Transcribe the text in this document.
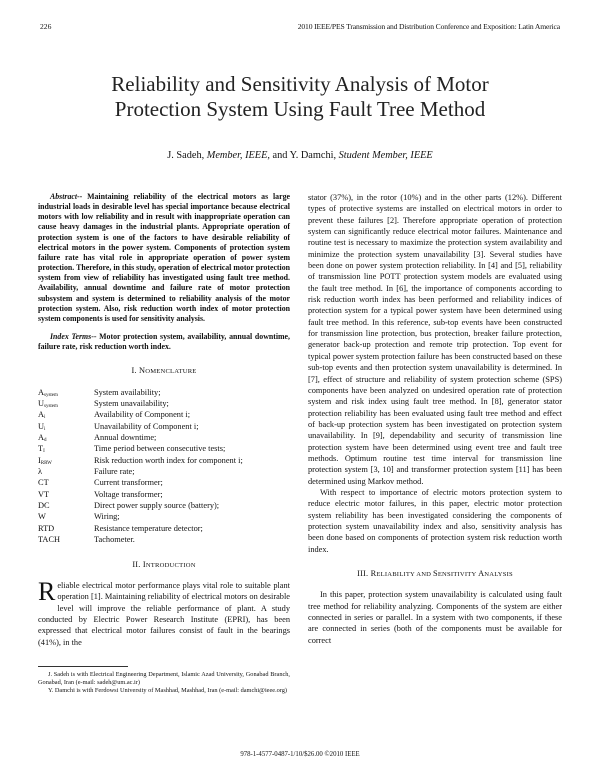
226	2010 IEEE/PES Transmission and Distribution Conference and Exposition: Latin America
Reliability and Sensitivity Analysis of Motor
Protection System Using Fault Tree Method
J. Sadeh, Member, IEEE, and Y. Damchi, Student Member, IEEE

Abstract-- Maintaining reliability of the electrical motors as large industrial loads in desirable level has special importance because electrical motors with low reliability and in result with inappropriate operation can cause heavy damages in the industrial plants. Appropriate operation of protection system is one of the factors to have desirable reliability of electrical motors in the power system. Components of protection system failure rate has vital role in appropriate operation of power system protection. Therefore, in this study, operation of electrical motor protection system from view of reliability has investigated using fault tree method. Availability, annual downtime and failure rate of motor protection subsystem and system is determined to reliability analysis of the motor protection system. Also, risk reduction worth index of motor protection system components is used for sensitivity analysis.

Index Terms-- Motor protection system, availability, annual downtime, failure rate, risk reduction worth index.

I. NOMENCLATURE

$A_{system}$	System availability;
$U_{system}$	System unavailability;
$A_i$	Availability of Component i;
$U_i$	Unavailability of Component i;
$A_d$	Annual downtime;
$T_I$	Time period between consecutive tests;
$I_{RRW}$	Risk reduction worth index for component i;
λ	Failure rate;
CT	Current transformer;
VT	Voltage transformer;
DC	Direct power supply source (battery);
W	Wiring;
RTD	Resistance temperature detector;
TACH	Tachometer.

II. INTRODUCTION

Reliable electrical motor performance plays vital role to suitable plant operation [1]. Maintaining reliability of electrical motors on desirable level will improve the reliable performance of plant. A study conducted by Electric Power Research Institute (EPRI), has been expressed that electrical motor failures consist of fault in the bearings (41%), in the

J. Sadeh is with Electrical Engineering Department, Islamic Azad University, Gonabad Branch, Gonabad, Iran (e-mail: sadeh@um.ac.ir)

Y. Damchi is with Ferdowsi University of Mashhad, Mashhad, Iran (e-mail: damchi@ieee.org)

stator (37%), in the rotor (10%) and in the other parts (12%). Different types of protective systems are installed on electrical motors in order to prevent these failures [2]. Therefore appropriate operation of protection system can significantly reduce electrical motor failures. Maintenance and routine test is necessary to maximize the protection system availability and minimize the protection system unavailability [3]. Several studies have been done on power system protection reliability. In [4] and [5], reliability of transmission line POTT protection system models are evaluated using the fault tree method. In [6], the importance of components according to risk reduction worth index has been performed and reliability indices of protection system for a typical power system have been determined using fault tree method. In this reference, sub-top events have been constructed for transmission line protection, bus protection, breaker failure protection, generator back-up protection and remote trip protection. Top event for typical power system protection failure has been constructed based on these sub-top events and then protection system unavailability is determined. In [7], effect of structure and reliability of system protection scheme (SPS) components have been analyzed on undesired operation rate of protection system and risk index using fault tree method. In [8], generator stator protection reliability has been evaluated using fault tree method and effect of back-up protection system has been investigated on protection system unavailability. In [9], dependability and security of transmission line protection system have been determined using event tree and fault tree methods. Optimum routine test time interval for transmission line protection system [3, 10] and transformer protection system [11] has been determined using Markov method.

With respect to importance of electric motors protection system to reduce electric motor failures, in this paper, electric motor protection system reliability has been investigated considering the components of protection system unavailability index and also, sensitivity analysis has been done based on components of protection system risk reduction worth index.

III. RELIABILITY AND SENSITIVITY ANALYSIS

In this paper, protection system unavailability is calculated using fault tree method for reliability analyzing. Components of the system are either connected in series or parallel. In a system with two components, if these are connected in series (both of the components must be available for correct

978-1-4577-0487-1/10/$26.00 ©2010 IEEE
